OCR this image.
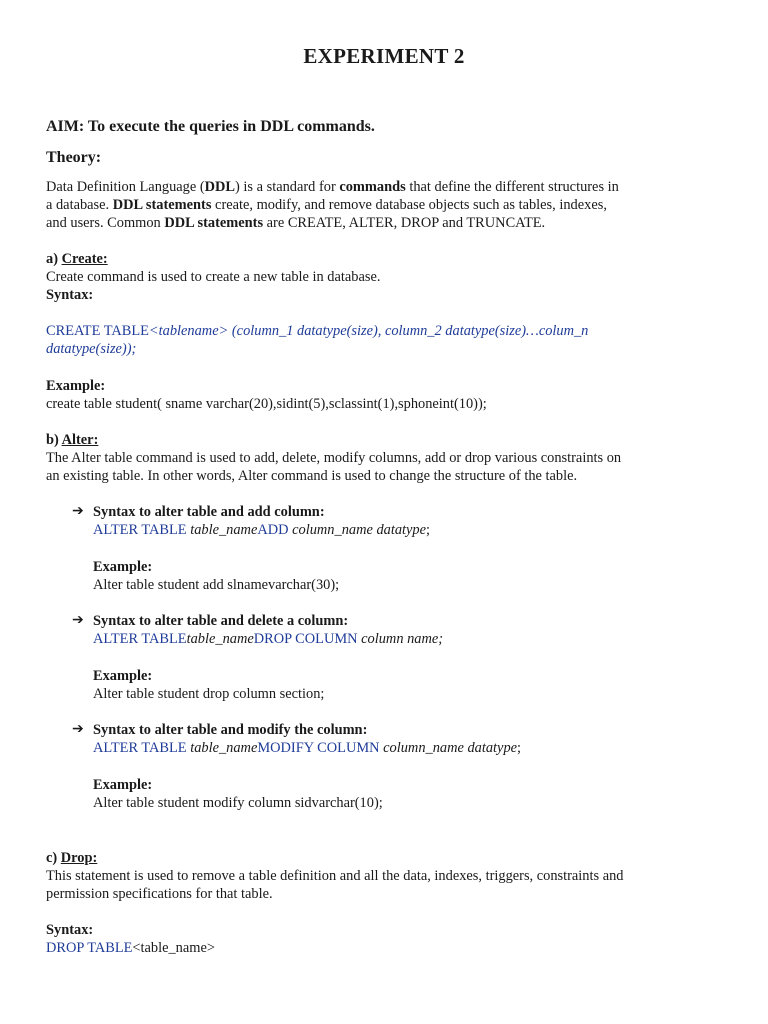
EXPERIMENT 2
AIM: To execute the queries in DDL commands.
Theory:
Data Definition Language (DDL) is a standard for commands that define the different structures in
a database. DDL statements create, modify, and remove database objects such as tables, indexes,
and users. Common DDL statements are CREATE, ALTER, DROP and TRUNCATE.
a) Create:
Create command is used to create a new table in database.
Syntax:
CREATE TABLE<tablename> (column_1 datatype(size), column_2 datatype(size)…colum_n
datatype(size));
Example:
create table student( sname varchar(20),sidint(5),sclassint(1),sphoneint(10));
b) Alter:
The Alter table command is used to add, delete, modify columns, add or drop various constraints on
an existing table. In other words, Alter command is used to change the structure of the table.
➔ Syntax to alter table and add column:
ALTER TABLE table_nameADD column_name datatype;
Example:
Alter table student add slnamevarchar(30);
➔ Syntax to alter table and delete a column:
ALTER TABLEtable_nameDROP COLUMN column name;
Example:
Alter table student drop column section;
➔ Syntax to alter table and modify the column:
ALTER TABLE table_nameMODIFY COLUMN column_name datatype;
Example:
Alter table student modify column sidvarchar(10);
c) Drop:
This statement is used to remove a table definition and all the data, indexes, triggers, constraints and
permission specifications for that table.
Syntax:
DROP TABLE<table_name>
